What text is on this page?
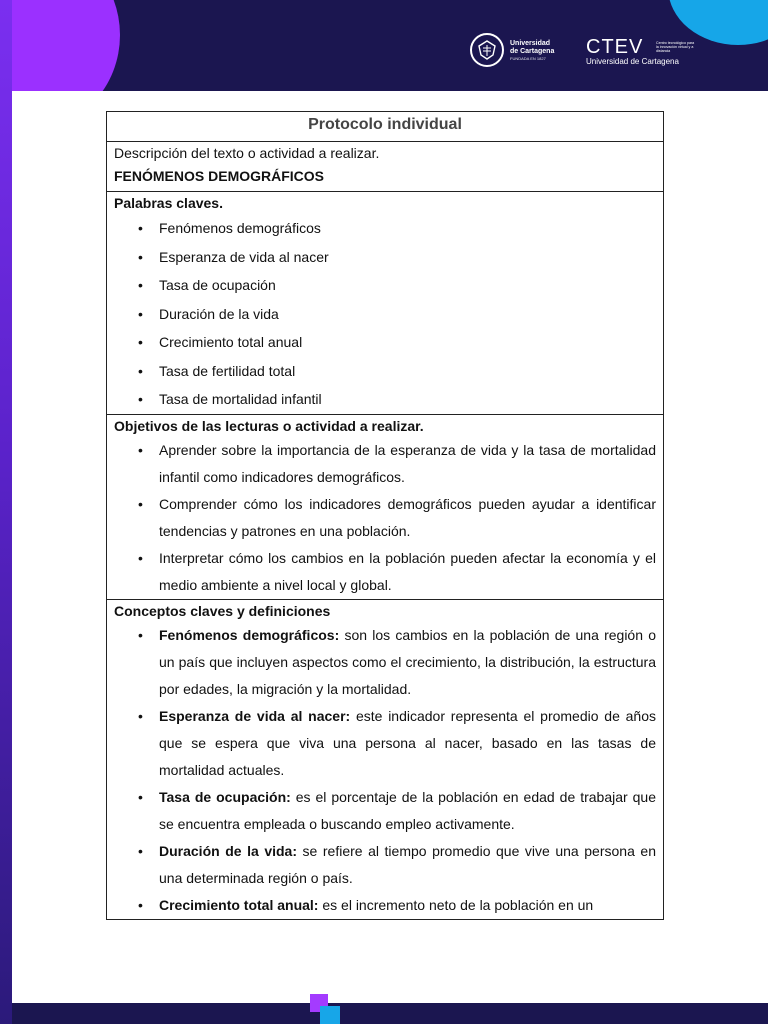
Universidad
de Cartagena
FUNDADA EN 1827	CTEV	Centro tecnológico para la innovación virtual y a distancia
Universidad de Cartagena
Protocolo individual

Descripción del texto o actividad a realizar.
FENÓMENOS DEMOGRÁFICOS

Palabras claves.
• Fenómenos demográficos
• Esperanza de vida al nacer
• Tasa de ocupación
• Duración de la vida
• Crecimiento total anual
• Tasa de fertilidad total
• Tasa de mortalidad infantil

Objetivos de las lecturas o actividad a realizar.
• Aprender sobre la importancia de la esperanza de vida y la tasa de mortalidad infantil como indicadores demográficos.
• Comprender cómo los indicadores demográficos pueden ayudar a identificar tendencias y patrones en una población.
• Interpretar cómo los cambios en la población pueden afectar la economía y el medio ambiente a nivel local y global.

Conceptos claves y definiciones
• Fenómenos demográficos: son los cambios en la población de una región o un país que incluyen aspectos como el crecimiento, la distribución, la estructura por edades, la migración y la mortalidad.
• Esperanza de vida al nacer: este indicador representa el promedio de años que se espera que viva una persona al nacer, basado en las tasas de mortalidad actuales.
• Tasa de ocupación: es el porcentaje de la población en edad de trabajar que se encuentra empleada o buscando empleo activamente.
• Duración de la vida: se refiere al tiempo promedio que vive una persona en una determinada región o país.
• Crecimiento total anual: es el incremento neto de la población en un
